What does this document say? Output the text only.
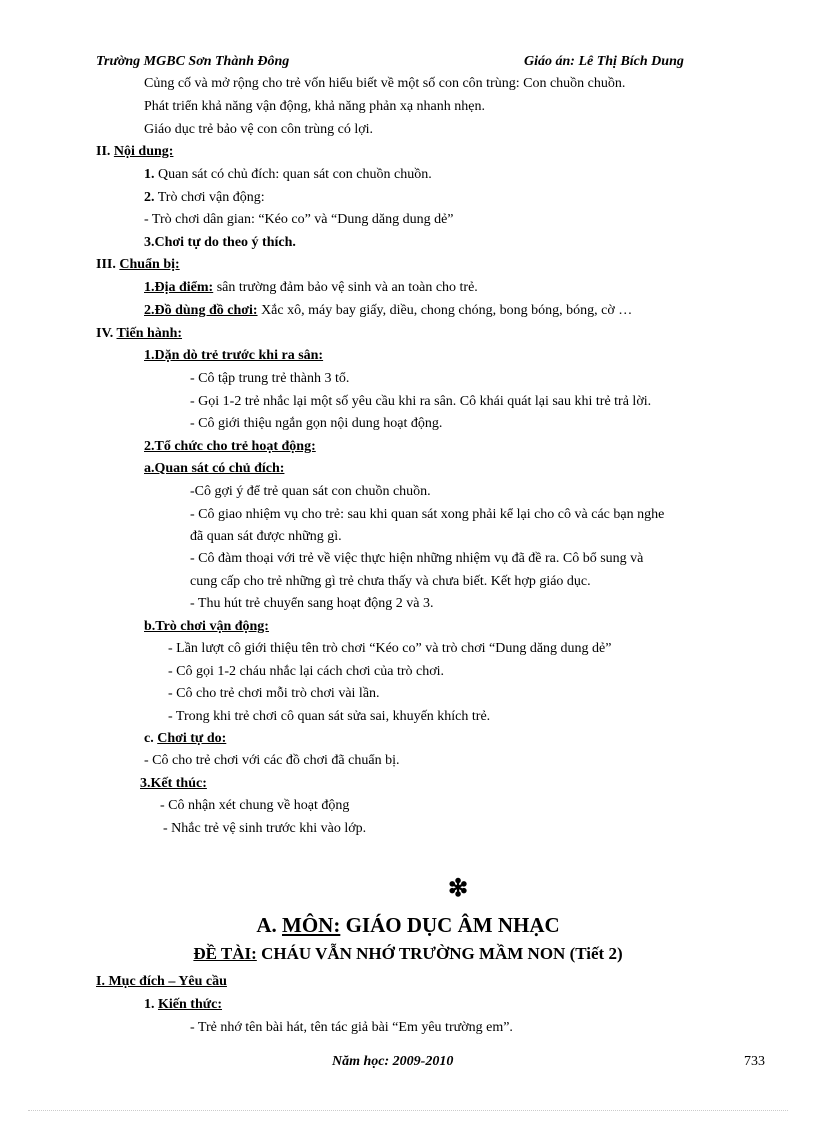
Trường MGBC Sơn Thành Đông	Giáo án: Lê Thị Bích Dung
Củng cố và mở rộng cho trẻ vốn hiểu biết về một số con côn trùng: Con chuồn chuồn.
Phát triển khả năng vận động, khả năng phản xạ nhanh nhẹn.
Giáo dục trẻ bảo vệ con côn trùng có lợi.
II. Nội dung:
1. Quan sát có chủ đích: quan sát con chuồn chuồn.
2. Trò chơi vận động:
- Trò chơi dân gian: “Kéo co” và “Dung dăng dung dẻ”
3.Chơi tự do theo ý thích.
III. Chuẩn bị:
1.Địa điểm: sân trường đảm bảo vệ sinh và an toàn cho trẻ.
2.Đồ dùng đồ chơi: Xắc xô, máy bay giấy, diều, chong chóng, bong bóng, bóng, cờ …
IV. Tiến hành:
1.Dặn dò trẻ trước khi ra sân:
- Cô tập trung trẻ thành 3 tổ.
- Gọi 1-2 trẻ nhắc lại một số yêu cầu khi ra sân. Cô khái quát lại sau khi trẻ trả lời.
- Cô giới thiệu ngắn gọn nội dung hoạt động.
2.Tổ chức cho trẻ hoạt động:
a.Quan sát có chủ đích:
-Cô gợi ý để trẻ quan sát con chuồn chuồn.
- Cô giao nhiệm vụ cho trẻ: sau khi quan sát xong phải kể lại cho cô và các bạn nghe
đã quan sát được những gì.
- Cô đàm thoại với trẻ về việc thực hiện những nhiệm vụ đã đề ra. Cô bổ sung và
cung cấp cho trẻ những gì trẻ chưa thấy và chưa biết. Kết hợp giáo dục.
- Thu hút trẻ chuyển sang hoạt động 2 và 3.
b.Trò chơi vận động:
- Lần lượt cô giới thiệu tên trò chơi “Kéo co” và trò chơi “Dung dăng dung dẻ”
- Cô gọi 1-2 cháu nhắc lại cách chơi của trò chơi.
- Cô cho trẻ chơi mỗi trò chơi vài lần.
- Trong khi trẻ chơi cô quan sát sửa sai, khuyến khích trẻ.
c. Chơi tự do:
- Cô cho trẻ chơi với các đồ chơi đã chuẩn bị.
3.Kết thúc:
- Cô nhận xét chung về hoạt động
- Nhắc trẻ vệ sinh trước khi vào lớp.
❇
A. MÔN: GIÁO DỤC ÂM NHẠC
ĐỀ TÀI: CHÁU VẪN NHỚ TRƯỜNG MẦM NON (Tiết 2)
I. Mục đích – Yêu cầu
1. Kiến thức:
- Trẻ nhớ tên bài hát, tên tác giả bài “Em yêu trường em”.
Năm học: 2009-2010	733
